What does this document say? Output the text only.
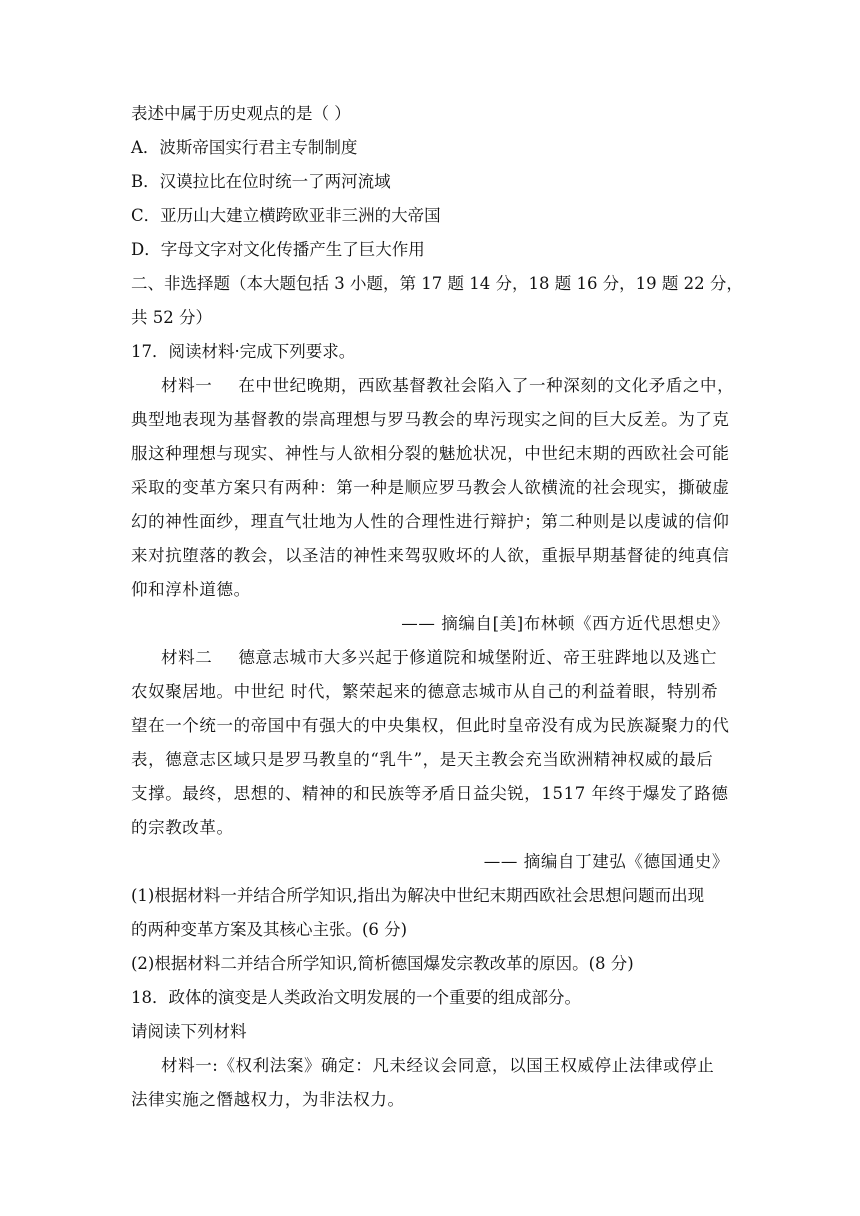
表述中属于历史观点的是（ ）
A．波斯帝国实行君主专制制度
B．汉谟拉比在位时统一了两河流域
C．亚历山大建立横跨欧亚非三洲的大帝国
D．字母文字对文化传播产生了巨大作用
二、非选择题（本大题包括 3 小题，第 17 题 14 分，18 题 16 分，19 题 22 分，
共 52 分）
17．阅读材料·完成下列要求。
材料一 在中世纪晚期，西欧基督教社会陷入了一种深刻的文化矛盾之中，
典型地表现为基督教的崇高理想与罗马教会的卑污现实之间的巨大反差。为了克
服这种理想与现实、神性与人欲相分裂的魅尬状况，中世纪末期的西欧社会可能
采取的变革方案只有两种：第一种是顺应罗马教会人欲横流的社会现实，撕破虚
幻的神性面纱，理直气壮地为人性的合理性进行辩护；第二种则是以虔诚的信仰
来对抗堕落的教会，以圣洁的神性来驾驭败坏的人欲，重振早期基督徒的纯真信
仰和淳朴道德。
—— 摘编自[美]布林顿《西方近代思想史》
材料二 德意志城市大多兴起于修道院和城堡附近、帝王驻跸地以及逃亡
农奴聚居地。中世纪 时代，繁荣起来的德意志城市从自己的利益着眼，特别希
望在一个统一的帝国中有强大的中央集权，但此时皇帝没有成为民族凝聚力的代
表，德意志区域只是罗马教皇的“乳牛”，是天主教会充当欧洲精神权威的最后
支撑。最终，思想的、精神的和民族等矛盾日益尖锐，1517 年终于爆发了路德
的宗教改革。
—— 摘编自丁建弘《德国通史》
(1)根据材料一并结合所学知识,指出为解决中世纪末期西欧社会思想问题而出现
的两种变革方案及其核心主张。(6 分)
(2)根据材料二并结合所学知识,简析德国爆发宗教改革的原因。(8 分)
18．政体的演变是人类政治文明发展的一个重要的组成部分。
请阅读下列材料
材料一:《权利法案》确定：凡未经议会同意，以国王权威停止法律或停止
法律实施之僭越权力，为非法权力。
